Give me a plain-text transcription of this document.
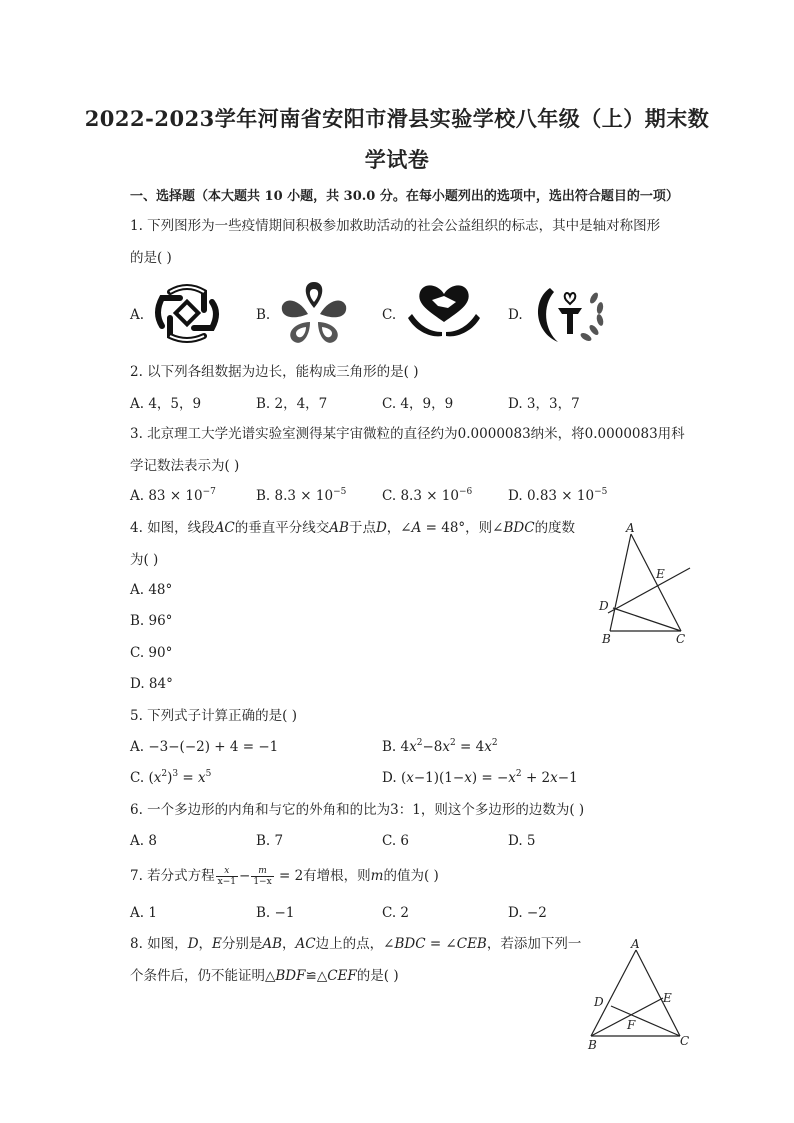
2022-2023学年河南省安阳市滑县实验学校八年级（上）期末数
学试卷
一、选择题（本大题共 10 小题，共 30.0 分。在每小题列出的选项中，选出符合题目的一项）
1. 下列图形为一些疫情期间积极参加救助活动的社会公益组织的标志，其中是轴对称图形
的是( )
A.	B.	C.	D.
2. 以下列各组数据为边长，能构成三角形的是( )
A. 4，5，9	B. 2，4，7	C. 4，9，9	D. 3，3，7
3. 北京理工大学光谱实验室测得某宇宙微粒的直径约为0.0000083纳米，将0.0000083用科
学记数法表示为( )
A. $83 \times 10^{-7}$	B. $8.3 \times 10^{-5}$	C. $8.3 \times 10^{-6}$	D. $0.83 \times 10^{-5}$
4. 如图，线段AC的垂直平分线交AB于点D，∠A = 48°，则∠BDC的度数
为( )
A. 48°
B. 96°
C. 90°
D. 84°
A
E
D
B	C
5. 下列式子计算正确的是( )
A. −3−(−2) + 4 = −1	B. $4x^2-8x^2 = 4x^2$
C. $(x^2)^3 = x^5$	D. $(x-1)(1-x) = -x^2 + 2x-1$
6. 一个多边形的内角和与它的外角和的比为3：1，则这个多边形的边数为( )
A. 8	B. 7	C. 6	D. 5
7. 若分式方程 $\frac{x}{x-1} - \frac{m}{1-x} = 2$有增根，则m的值为( )
A. 1	B. −1	C. 2	D. −2
8. 如图，D，E分别是AB，AC边上的点，∠BDC = ∠CEB，若添加下列一
个条件后，仍不能证明△BDF≌△CEF的是( )
A
D	E
F
B	C
